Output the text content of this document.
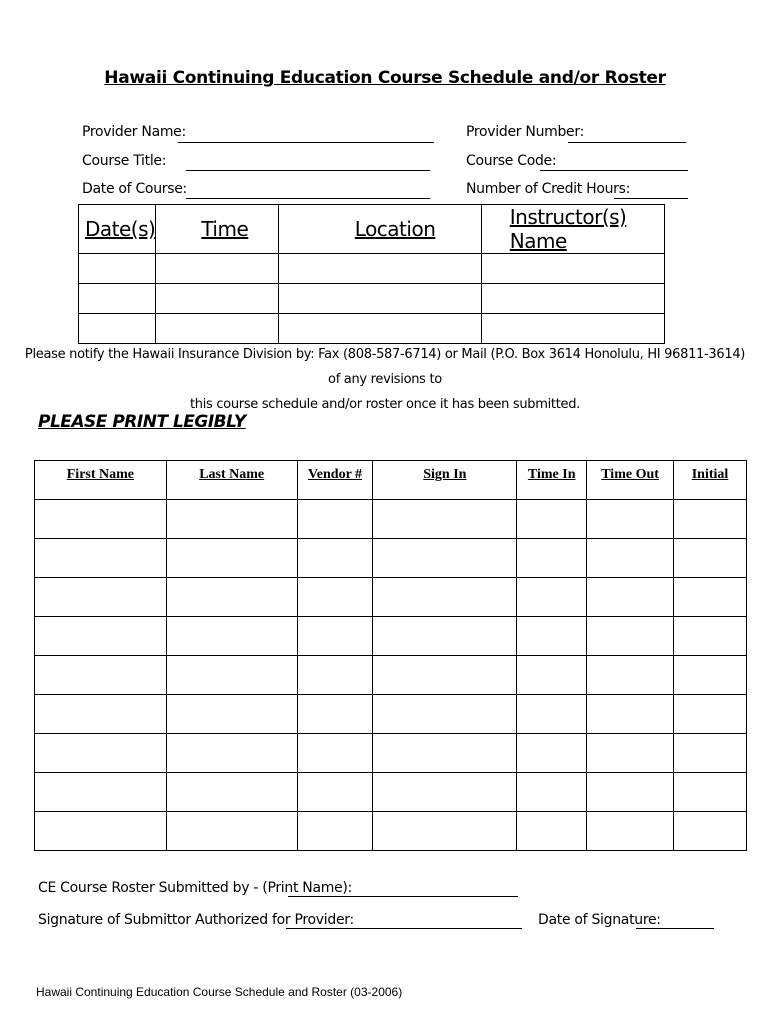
Hawaii Continuing Education Course Schedule and/or Roster
Provider Name:
Course Title:
Date of Course:
Provider Number:
Course Code:
Number of Credit Hours:
Date(s)	Time	Location	Instructor(s) Name

Please notify the Hawaii Insurance Division by: Fax (808-587-6714) or Mail (P.O. Box 3614 Honolulu, HI 96811-3614) of any revisions to
this course schedule and/or roster once it has been submitted.
PLEASE PRINT LEGIBLY
First Name	Last Name	Vendor #	Sign In	Time In	Time Out	Initial

CE Course Roster Submitted by - (Print Name):
Signature of Submittor Authorized for Provider:	Date of Signature:
Hawaii Continuing Education Course Schedule and Roster (03-2006)
